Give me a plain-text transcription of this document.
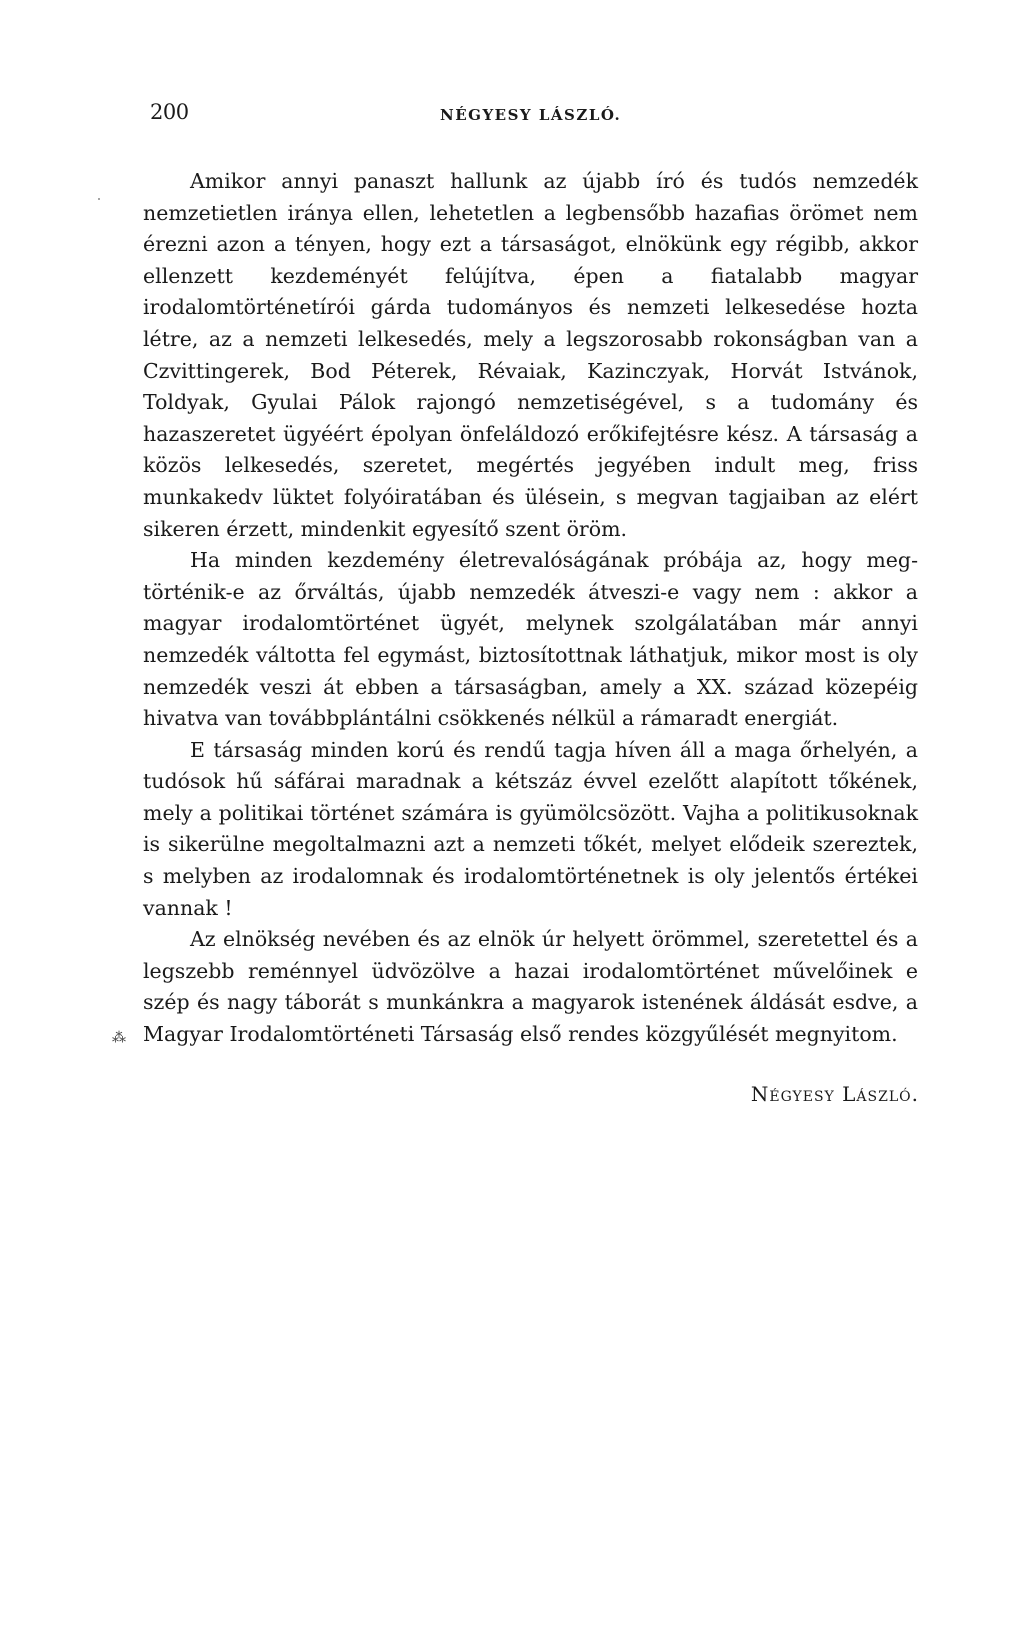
200	NÉGYESY LÁSZLÓ.

Amikor annyi panaszt hallunk az újabb író és tudós nemzedék nemzetietlen iránya ellen, lehetetlen a legbensőbb hazafias örömet nem érezni azon a tényen, hogy ezt a társaságot, elnökünk egy régibb, akkor ellenzett kezdeményét felújítva, épen a fiatalabb magyar irodalomtörténetírói gárda tudományos és nemzeti lelkesedése hozta létre, az a nemzeti lelkesedés, mely a legszorosabb rokonságban van a Czvittingerek, Bod Péterek, Révaiak, Kazinczyak, Horvát Istvánok, Toldyak, Gyulai Pálok rajongó nemzetiségével, s a tudomány és hazaszeretet ügyéért épolyan önfeláldozó erőkifejtésre kész. A társaság a közös lelkesedés, szeretet, megértés jegyében indult meg, friss munkakedv lüktet folyóiratában és ülésein, s megvan tagjaiban az elért sikeren érzett, mindenkit egyesítő szent öröm.

Ha minden kezdemény életrevalóságának próbája az, hogy megtörténik-e az őrváltás, újabb nemzedék átveszi-e vagy nem : akkor a magyar irodalomtörténet ügyét, melynek szolgálatában már annyi nemzedék váltotta fel egymást, biztosítottnak láthatjuk, mikor most is oly nemzedék veszi át ebben a társaságban, amely a XX. század közepéig hivatva van továbbplántálni csökkenés nélkül a rámaradt energiát.

E társaság minden korú és rendű tagja híven áll a maga őrhelyén, a tudósok hű sáfárai maradnak a kétszáz évvel ezelőtt alapított tőkének, mely a politikai történet számára is gyümölcsözött. Vajha a politikusoknak is sikerülne megoltalmazni azt a nemzeti tőkét, melyet elődeik szereztek, s melyben az irodalomnak és irodalomtörténetnek is oly jelentős értékei vannak !

Az elnökség nevében és az elnök úr helyett örömmel, szeretettel és a legszebb reménnyel üdvözölve a hazai irodalomtörténet művelőinek e szép és nagy táborát s munkánkra a magyarok istenének áldását esdve, a Magyar Irodalomtörténeti Társaság első rendes közgyűlését megnyitom.

⁂
Négyesy László.
